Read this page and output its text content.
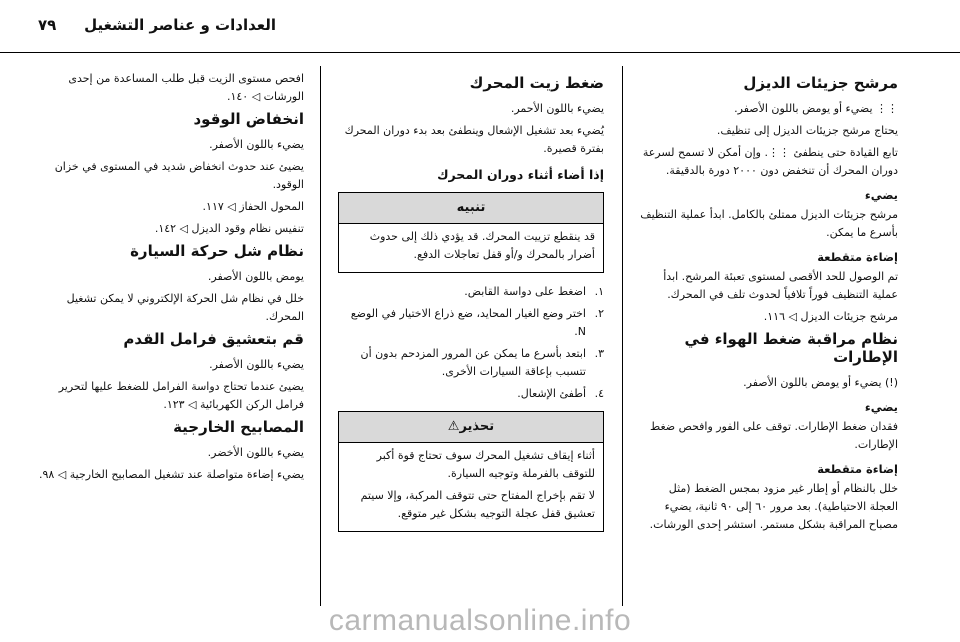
العدادات و عناصر التشغيل
٧٩
مرشح جزيئات الديزل

⋮⋮ يضيء أو يومض باللون الأصفر.

يحتاج مرشح جزيئات الديزل إلى تنظيف.

تابع القيادة حتى ينطفئ ⋮⋮. وإن أمكن لا تسمح لسرعة دوران المحرك أن تنخفض دون ٢٠٠٠ دورة بالدقيقة.

يضيء

مرشح جزيئات الديزل ممتلئ بالكامل. ابدأ عملية التنظيف بأسرع ما يمكن.

إضاءة متقطعة

تم الوصول للحد الأقصى لمستوى تعبئة المرشح. ابدأ عملية التنظيف فوراً تلافياً لحدوث تلف في المحرك.

مرشح جزيئات الديزل ◁ ١١٦.

نظام مراقبة ضغط الهواء في الإطارات

(!) يضيء أو يومض باللون الأصفر.

يضيء

فقدان ضغط الإطارات. توقف على الفور وافحص ضغط الإطارات.

إضاءة متقطعة

خلل بالنظام أو إطار غير مزود بمجس الضغط (مثل العجلة الاحتياطية). بعد مرور ٦٠ إلى ٩٠ ثانية، يضيء مصباح المراقبة بشكل مستمر. استشر إحدى الورشات.

ضغط زيت المحرك

يضيء باللون الأحمر.

يُضيء بعد تشغيل الإشعال وينطفئ بعد بدء دوران المحرك بفترة قصيرة.

إذا أضاء أثناء دوران المحرك
تنبيه

قد ينقطع تزييت المحرك. قد يؤدي ذلك إلى حدوث أضرار بالمحرك و/أو قفل تعاجلات الدفع.

١.
اضغط على دواسة القابض.
٢.
اختر وضع الغيار المحايد، ضع ذراع الاختيار في الوضع N.
٣.
ابتعد بأسرع ما يمكن عن المرور المزدحم بدون أن تتسبب بإعاقة السيارات الأخرى.
٤.
أطفئ الإشعال.
تحذير⚠

أثناء إيقاف تشغيل المحرك سوف تحتاج قوة أكبر للتوقف بالفرملة وتوجيه السيارة.

لا تقم بإخراج المفتاح حتى تتوقف المركبة، وإلا سيتم تعشيق قفل عجلة التوجيه بشكل غير متوقع.

افحص مستوى الزيت قبل طلب المساعدة من إحدى الورشات ◁ ١٤٠.

انخفاض الوقود

يضيء باللون الأصفر.

يضيئ عند حدوث انخفاض شديد في المستوى في خزان الوقود.

المحول الحفاز ◁ ١١٧.

تنفيس نظام وقود الديزل ◁ ١٤٢.

نظام شل حركة السيارة

يومض باللون الأصفر.

خلل في نظام شل الحركة الإلكتروني لا يمكن تشغيل المحرك.

قم بتعشيق فرامل القدم

يضيء باللون الأصفر.

يضيئ عندما تحتاج دواسة الفرامل للضغط عليها لتحرير فرامل الركن الكهربائية ◁ ١٢٣.

المصابيح الخارجية

يضيء باللون الأخضر.

يضيء إضاءة متواصلة عند تشغيل المصابيح الخارجية ◁ ٩٨.

carmanualsonline.info
